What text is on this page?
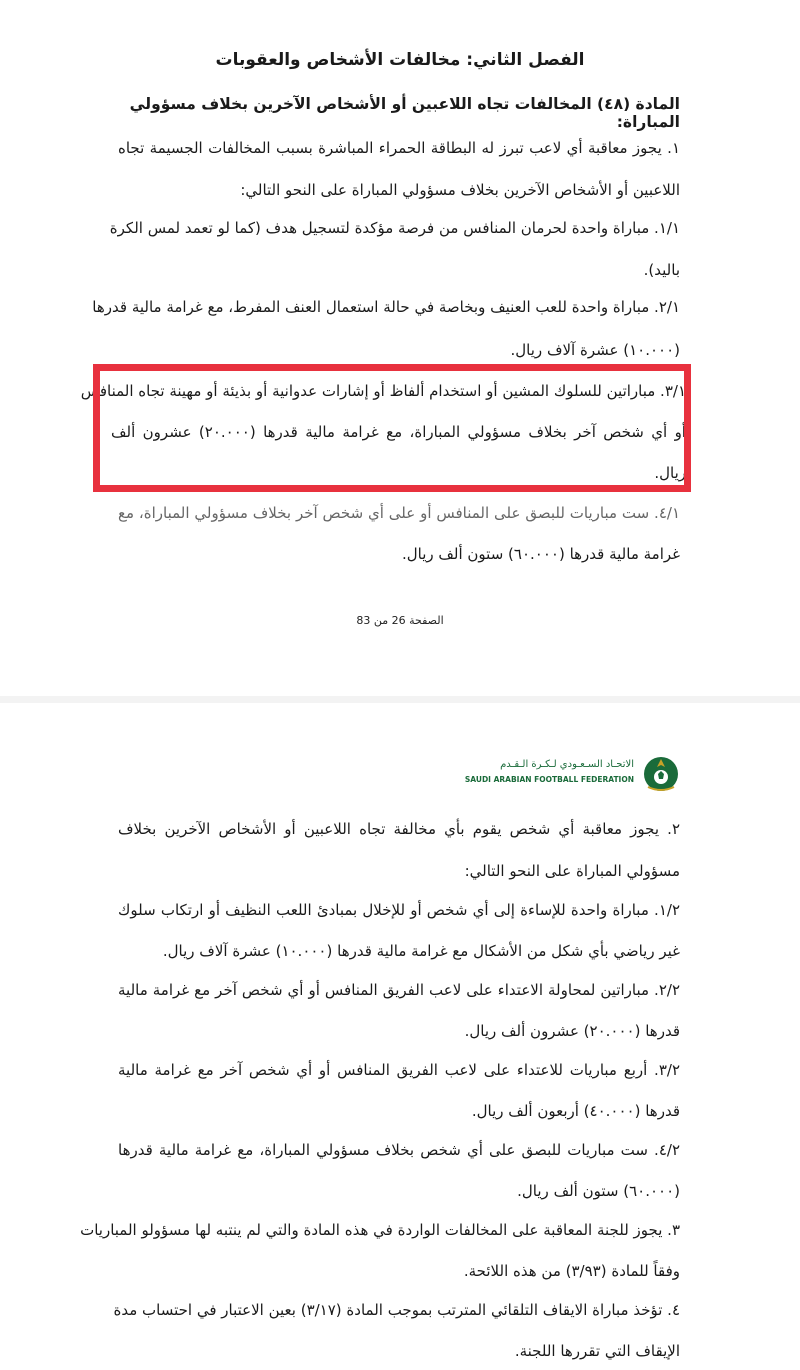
الفصل الثاني: مخالفات الأشخاص والعقوبات
المادة (٤٨) المخالفات تجاه اللاعبين أو الأشخاص الآخرين بخلاف مسؤولي المباراة:
١. يجوز معاقبة أي لاعب تبرز له البطاقة الحمراء المباشرة بسبب المخالفات الجسيمة تجاه
اللاعبين أو الأشخاص الآخرين بخلاف مسؤولي المباراة على النحو التالي:
١/١. مباراة واحدة لحرمان المنافس من فرصة مؤكدة لتسجيل هدف (كما لو تعمد لمس الكرة
باليد).
٢/١. مباراة واحدة للعب العنيف وبخاصة في حالة استعمال العنف المفرط، مع غرامة مالية قدرها
(١٠.٠٠٠) عشرة آلاف ريال.
٣/١. مباراتين للسلوك المشين أو استخدام ألفاظ أو إشارات عدوانية أو بذيئة أو مهينة تجاه المنافس
أو أي شخص آخر بخلاف مسؤولي المباراة، مع غرامة مالية قدرها (٢٠.٠٠٠) عشرون ألف
ريال.
٤/١. ست مباريات للبصق على المنافس أو على أي شخص آخر بخلاف مسؤولي المباراة، مع
غرامة مالية قدرها (٦٠.٠٠٠) ستون ألف ريال.
الصفحة 26 من 83
الاتحـاد السـعـودي لـكـرة الـقـدم
SAUDI ARABIAN FOOTBALL FEDERATION
٢. يجوز معاقبة أي شخص يقوم بأي مخالفة تجاه اللاعبين أو الأشخاص الآخرين بخلاف
مسؤولي المباراة على النحو التالي:
١/٢. مباراة واحدة للإساءة إلى أي شخص أو للإخلال بمبادئ اللعب النظيف أو ارتكاب سلوك
غير رياضي بأي شكل من الأشكال مع غرامة مالية قدرها (١٠.٠٠٠) عشرة آلاف ريال.
٢/٢. مباراتين لمحاولة الاعتداء على لاعب الفريق المنافس أو أي شخص آخر مع غرامة مالية
قدرها (٢٠.٠٠٠) عشرون ألف ريال.
٣/٢. أربع مباريات للاعتداء على لاعب الفريق المنافس أو أي شخص آخر مع غرامة مالية
قدرها (٤٠.٠٠٠) أربعون ألف ريال.
٤/٢. ست مباريات للبصق على أي شخص بخلاف مسؤولي المباراة، مع غرامة مالية قدرها
(٦٠.٠٠٠) ستون ألف ريال.
٣. يجوز للجنة المعاقبة على المخالفات الواردة في هذه المادة والتي لم ينتبه لها مسؤولو المباريات
وفقاً للمادة (٣/٩٣) من هذه اللائحة.
٤. تؤخذ مباراة الايقاف التلقائي المترتب بموجب المادة (٣/١٧) بعين الاعتبار في احتساب مدة
الإيقاف التي تقررها اللجنة.
